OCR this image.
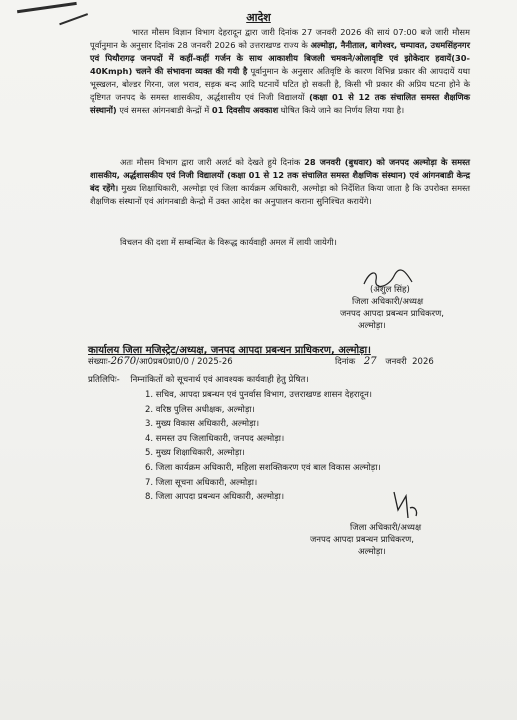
आदेश
भारत मौसम विज्ञान विभाग देहरादून द्वारा जारी दिनांक 27 जनवरी 2026 की सायं 07:00 बजे जारी मौसम पूर्वानुमान के अनुसार दिनांक 28 जनवरी 2026 को उत्तराखण्ड राज्य के अल्मोड़ा, नैनीताल, बागेश्वर, चम्पावत, उधमसिंहनगर एवं पिथौरागढ़ जनपदों में कहीं-कहीं गर्जन के साथ आकाशीय बिजली चमकने/ओलावृष्टि एवं झोकेदार हवायें(30-40Kmph) चलने की संभावना व्यक्त की गयी है पूर्वानुमान के अनुसार अतिवृष्टि के कारण विभिन्न प्रकार की आपदायें यथा भूस्खलन, बोल्डर गिरना, जल भराव, सड़क बन्द आदि घटनायें घटित हो सकती है, किसी भी प्रकार की अप्रिय घटना होने के दृष्टिगत जनपद के समस्त शासकीय, अर्द्धशासीय एवं निजी विद्यालयों (कक्षा 01 से 12 तक संचालित समस्त शैक्षणिक संस्थानों) एवं समस्त आंगनबाडी केन्द्रों में 01 दिवसीय अवकाश घोषित किये जाने का निर्णय लिया गया है।
अतः मौसम विभाग द्वारा जारी अलर्ट को देखते हुये दिनांक 28 जनवरी (बुधवार) को जनपद अल्मोड़ा के समस्त शासकीय, अर्द्धशासकीय एवं निजी विद्यालयों (कक्षा 01 से 12 तक संचालित समस्त शैक्षणिक संस्थान) एवं आंगनबाडी केन्द्र बंद रहेंगे। मुख्य शिक्षाधिकारी, अल्मोड़ा एवं जिला कार्यक्रम अधिकारी, अल्मोड़ा को निर्देशित किया जाता है कि उपरोक्त समस्त शैक्षणिक संस्थानों एवं आंगनबाडी केन्द्रो में उक्त आदेश का अनुपालन कराना सुनिश्चित करायेंगे।
विचलन की दशा में सम्बन्धित के विरूद्ध कार्यवाही अमल में लायी जायेगी।
(अंशुल सिंह)
जिला अधिकारी/अध्यक्ष
जनपद आपदा प्रबन्धन प्राधिकरण,
अल्मोड़ा।
कार्यालय जिला मजिस्ट्रेट/अध्यक्ष, जनपद आपदा प्रबन्धन प्राधिकरण, अल्मोड़ा।
संख्याः-2670/आ0प्रब0प्रा0/0 / 2025-26	दिनांक 27 जनवरी  2026
प्रतिलिपिः- निम्नांकितों को सूचनार्थ एवं आवश्यक कार्यवाही हेतु प्रेषित।
1. सचिव, आपदा प्रबन्धन एवं पुनर्वास विभाग, उत्तराखण्ड शासन देहरादून।
2. वरिष्ठ पुलिस अधीक्षक, अल्मोड़ा।
3. मुख्य विकास अधिकारी, अल्मोड़ा।
4. समस्त उप जिलाधिकारी, जनपद अल्मोड़ा।
5. मुख्य शिक्षाधिकारी, अल्मोड़ा।
6. जिला कार्यक्रम अधिकारी, महिला सशक्तिकरण एवं बाल विकास अल्मोड़ा।
7. जिला सूचना अधिकारी, अल्मोड़ा।
8. जिला आपदा प्रबन्धन अधिकारी, अल्मोड़ा।
जिला अधिकारी/अध्यक्ष
जनपद आपदा प्रबन्धन प्राधिकरण,
अल्मोड़ा।
